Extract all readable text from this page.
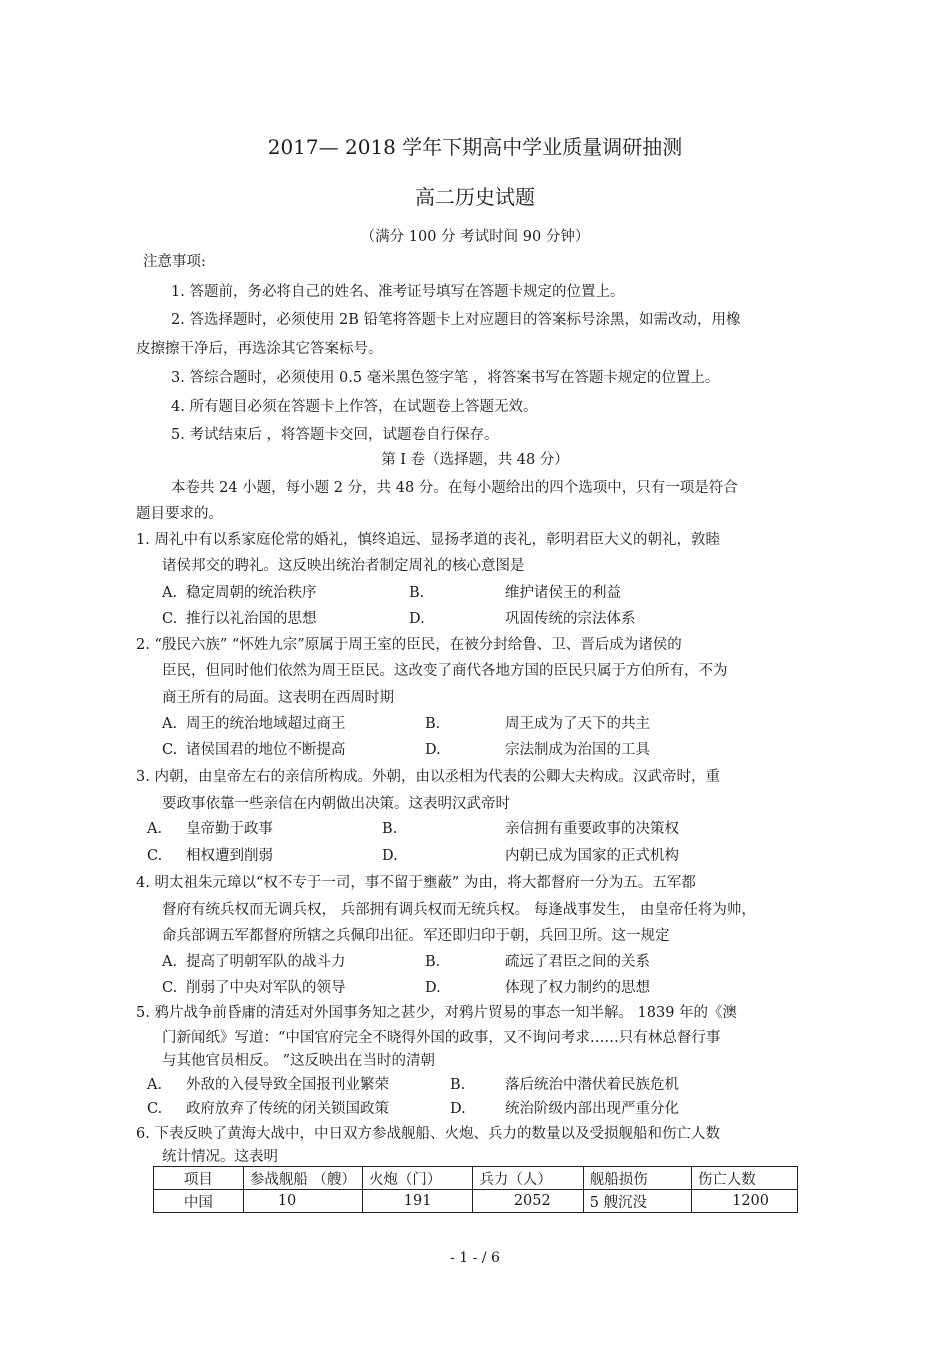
2017— 2018 学年下期高中学业质量调研抽测
高二历史试题
（满分 100 分 考试时间 90 分钟）
注意事项:
1. 答题前，务必将自己的姓名、准考证号填写在答题卡规定的位置上。
2. 答选择题时，必须使用 2B 铅笔将答题卡上对应题目的答案标号涂黑，如需改动，用橡
皮擦擦干净后，再选涂其它答案标号。
3. 答综合题时，必须使用 0.5 毫米黑色签字笔 ，将答案书写在答题卡规定的位置上。
4. 所有题目必须在答题卡上作答，在试题卷上答题无效。
5. 考试结束后 ，将答题卡交回，试题卷自行保存。
第 I 卷（选择题，共 48 分）
本卷共 24 小题，每小题 2 分，共 48 分。在每小题给出的四个选项中，只有一项是符合
题目要求的。
1. 周礼中有以系家庭伦常的婚礼，慎终追远、显扬孝道的丧礼，彰明君臣大义的朝礼，敦睦
诸侯邦交的聘礼。这反映出统治者制定周礼的核心意图是
A. 稳定周朝的统治秩序	B.	维护诸侯王的利益
C. 推行以礼治国的思想	D.	巩固传统的宗法体系
2. “殷民六族” “怀姓九宗”原属于周王室的臣民，在被分封给鲁、卫、晋后成为诸侯的
臣民，但同时他们依然为周王臣民。这改变了商代各地方国的臣民只属于方伯所有，不为
商王所有的局面。这表明在西周时期
A. 周王的统治地域超过商王	B.	周王成为了天下的共主
C. 诸侯国君的地位不断提高	D.	宗法制成为治国的工具
3. 内朝，由皇帝左右的亲信所构成。外朝，由以丞相为代表的公卿大夫构成。汉武帝时，重
要政事依靠一些亲信在内朝做出决策。这表明汉武帝时
A. 皇帝勤于政事	B.	亲信拥有重要政事的决策权
C. 相权遭到削弱	D.	内朝已成为国家的正式机构
4. 明太祖朱元璋以“权不专于一司，事不留于壅蔽” 为由，将大都督府一分为五。五军都
督府有统兵权而无调兵权， 兵部拥有调兵权而无统兵权。 每逢战事发生， 由皇帝任将为帅，
命兵部调五军都督府所辖之兵佩印出征。军还即归印于朝，兵回卫所。这一规定
A. 提高了明朝军队的战斗力	B.	疏远了君臣之间的关系
C. 削弱了中央对军队的领导	D.	体现了权力制约的思想
5. 鸦片战争前昏庸的清廷对外国事务知之甚少，对鸦片贸易的事态一知半解。 1839 年的《澳
门新闻纸》写道：“中国官府完全不晓得外国的政事，又不询问考求……只有林总督行事
与其他官员相反。 ”这反映出在当时的清朝
A. 外敌的入侵导致全国报刊业繁荣	B.	落后统治中潜伏着民族危机
C. 政府放弃了传统的闭关锁国政策	D.	统治阶级内部出现严重分化
6. 下表反映了黄海大战中，中日双方参战舰船、火炮、兵力的数量以及受损舰船和伤亡人数
统计情况。这表明
项目	参战舰船 （艘）	火炮（门）	兵力（人）	舰船损伤	伤亡人数
中国	10	191	2052	5 艘沉没	1200
- 1 - / 6
